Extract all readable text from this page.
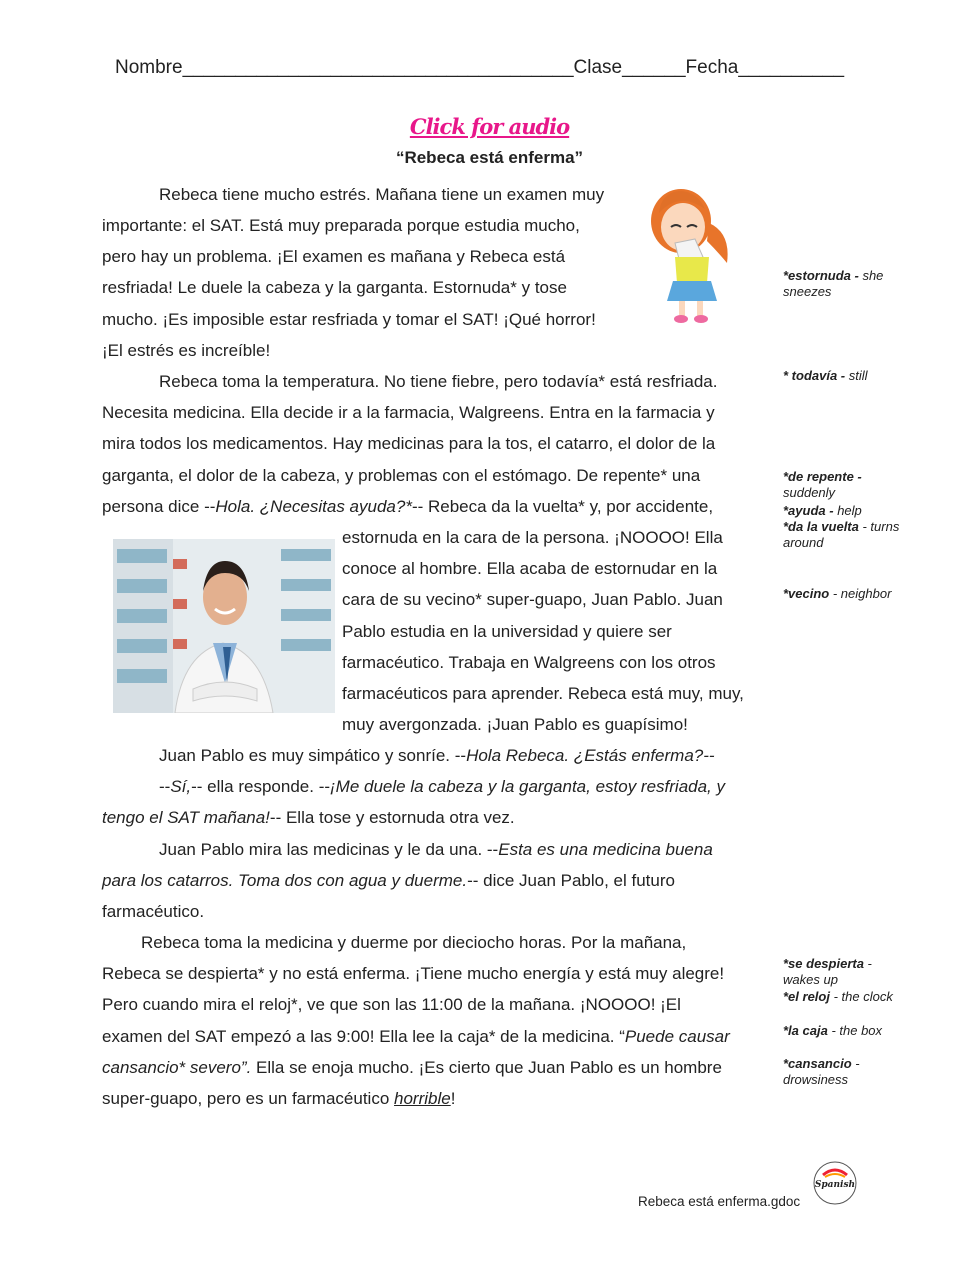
Nombre_____________________________________Clase______Fecha__________
Click for audio
“Rebeca está enferma”
Rebeca tiene mucho estrés. Mañana tiene un examen muy
importante: el SAT. Está muy preparada porque estudia mucho,
pero hay un problema. ¡El examen es mañana y Rebeca está
resfriada! Le duele la cabeza y la garganta. Estornuda* y tose
mucho. ¡Es imposible estar resfriada y tomar el SAT! ¡Qué horror!
¡El estrés es increíble!
Rebeca toma la temperatura. No tiene fiebre, pero todavía* está resfriada.
Necesita medicina. Ella decide ir a la farmacia, Walgreens. Entra en la farmacia y
mira todos los medicamentos. Hay medicinas para la tos, el catarro, el dolor de la
garganta, el dolor de la cabeza, y problemas con el estómago. De repente* una
persona dice --Hola. ¿Necesitas ayuda?*-- Rebeca da la vuelta* y, por accidente,
estornuda en la cara de la persona. ¡NOOOO! Ella
conoce al hombre. Ella acaba de estornudar en la
cara de su vecino* super-guapo, Juan Pablo. Juan
Pablo estudia en la universidad y quiere ser
farmacéutico. Trabaja en Walgreens con los otros
farmacéuticos para aprender. Rebeca está muy, muy,
muy avergonzada. ¡Juan Pablo es guapísimo!
Juan Pablo es muy simpático y sonríe. --Hola Rebeca. ¿Estás enferma?--
--Sí,-- ella responde. --¡Me duele la cabeza y la garganta, estoy resfriada, y
tengo el SAT mañana!-- Ella tose y estornuda otra vez.
Juan Pablo mira las medicinas y le da una. --Esta es una medicina buena
para los catarros. Toma dos con agua y duerme.-- dice Juan Pablo, el futuro
farmacéutico.
Rebeca toma la medicina y duerme por dieciocho horas. Por la mañana,
Rebeca se despierta* y no está enferma. ¡Tiene mucho energía y está muy alegre!
Pero cuando mira el reloj*, ve que son las 11:00 de la mañana. ¡NOOOO! ¡El
examen del SAT empezó a las 9:00! Ella lee la caja* de la medicina. “Puede causar
cansancio* severo”. Ella se enoja mucho. ¡Es cierto que Juan Pablo es un hombre
super-guapo, pero es un farmacéutico horrible!
*estornuda - she sneezes
* todavía - still
*de repente - suddenly
*ayuda - help
*da la vuelta - turns around
*vecino - neighbor
*se despierta - wakes up
*el reloj - the clock
*la caja - the box
*cansancio - drowsiness
Spanish
Rebeca está enferma.gdoc
